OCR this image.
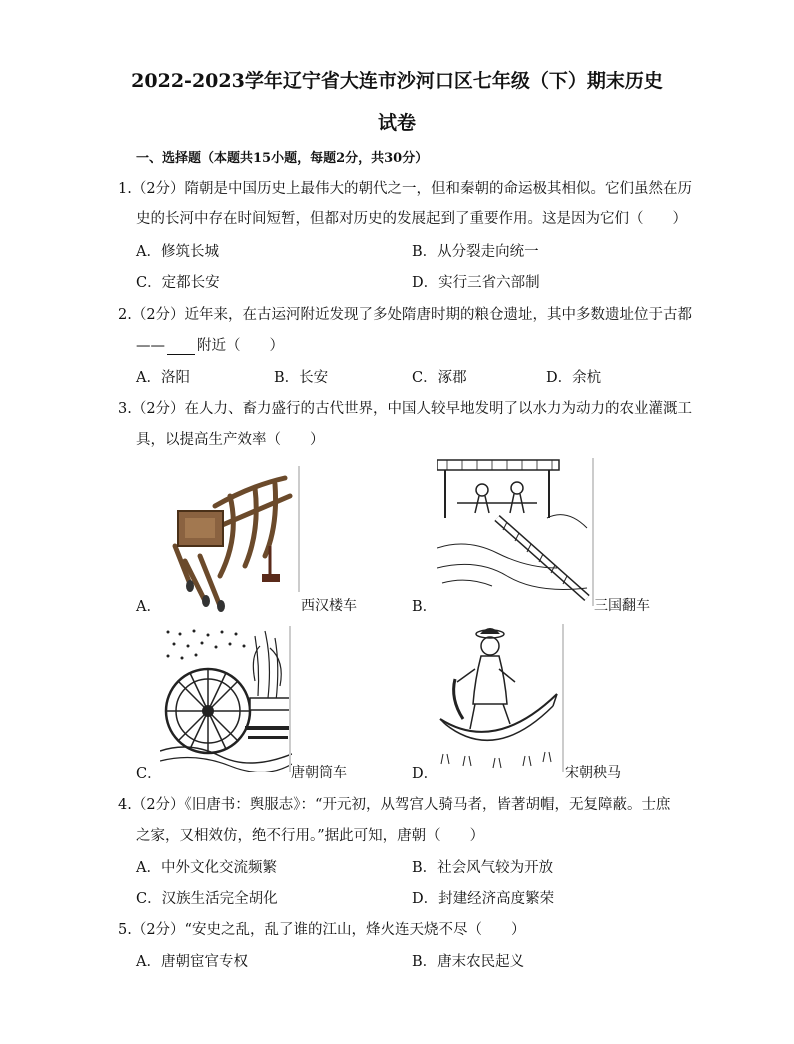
2022-2023学年辽宁省大连市沙河口区七年级（下）期末历史
试卷
一、选择题（本题共15小题，每题2分，共30分）
1.（2分）隋朝是中国历史上最伟大的朝代之一，但和秦朝的命运极其相似。它们虽然在历
史的长河中存在时间短暂，但都对历史的发展起到了重要作用。这是因为它们（　　）
A．修筑长城	B．从分裂走向统一
C．定都长安	D．实行三省六部制
2.（2分）近年来，在古运河附近发现了多处隋唐时期的粮仓遗址，其中多数遗址位于古都
—— 附近（　　）
A．洛阳	B．长安	C．涿郡	D．余杭
3.（2分）在人力、畜力盛行的古代世界，中国人较早地发明了以水力为动力的农业灌溉工
具，以提高生产效率（　　）
A．	西汉楼车	B．	三国翻车
C．	唐朝筒车	D．	宋朝秧马
4.（2分）《旧唐书：舆服志》：“开元初，从驾宫人骑马者，皆著胡帽，无复障蔽。士庶
之家，又相效仿，绝不行用。”据此可知，唐朝（　　）
A．中外文化交流频繁	B．社会风气较为开放
C．汉族生活完全胡化	D．封建经济高度繁荣
5.（2分）“安史之乱，乱了谁的江山，烽火连天烧不尽（　　）
A．唐朝宦官专权	B．唐末农民起义
